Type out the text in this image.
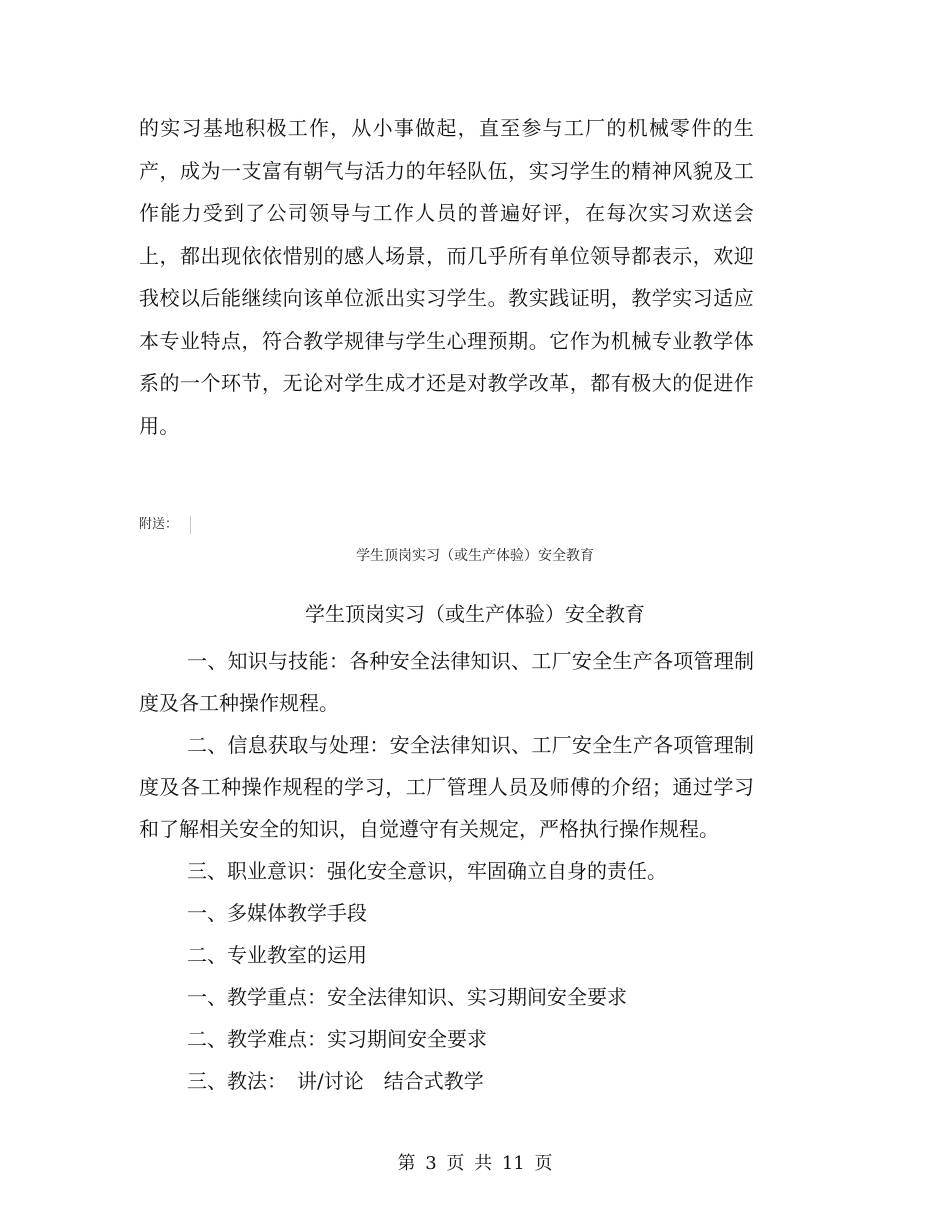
的实习基地积极工作，从小事做起，直至参与工厂的机械零件的生产，成为一支富有朝气与活力的年轻队伍，实习学生的精神风貌及工作能力受到了公司领导与工作人员的普遍好评，在每次实习欢送会上，都出现依依惜别的感人场景，而几乎所有单位领导都表示，欢迎我校以后能继续向该单位派出实习学生。教实践证明，教学实习适应本专业特点，符合教学规律与学生心理预期。它作为机械专业教学体系的一个环节，无论对学生成才还是对教学改革，都有极大的促进作用。

附送：
学生顶岗实习（或生产体验）安全教育
学生顶岗实习（或生产体验）安全教育

一、知识与技能：各种安全法律知识、工厂安全生产各项管理制度及各工种操作规程。

二、信息获取与处理：安全法律知识、工厂安全生产各项管理制度及各工种操作规程的学习，工厂管理人员及师傅的介绍；通过学习和了解相关安全的知识，自觉遵守有关规定，严格执行操作规程。

三、职业意识：强化安全意识，牢固确立自身的责任。

一、多媒体教学手段

二、专业教室的运用

一、教学重点：安全法律知识、实习期间安全要求

二、教学难点：实习期间安全要求

三、教法：　讲/讨论　结合式教学

第 3 页 共 11 页
